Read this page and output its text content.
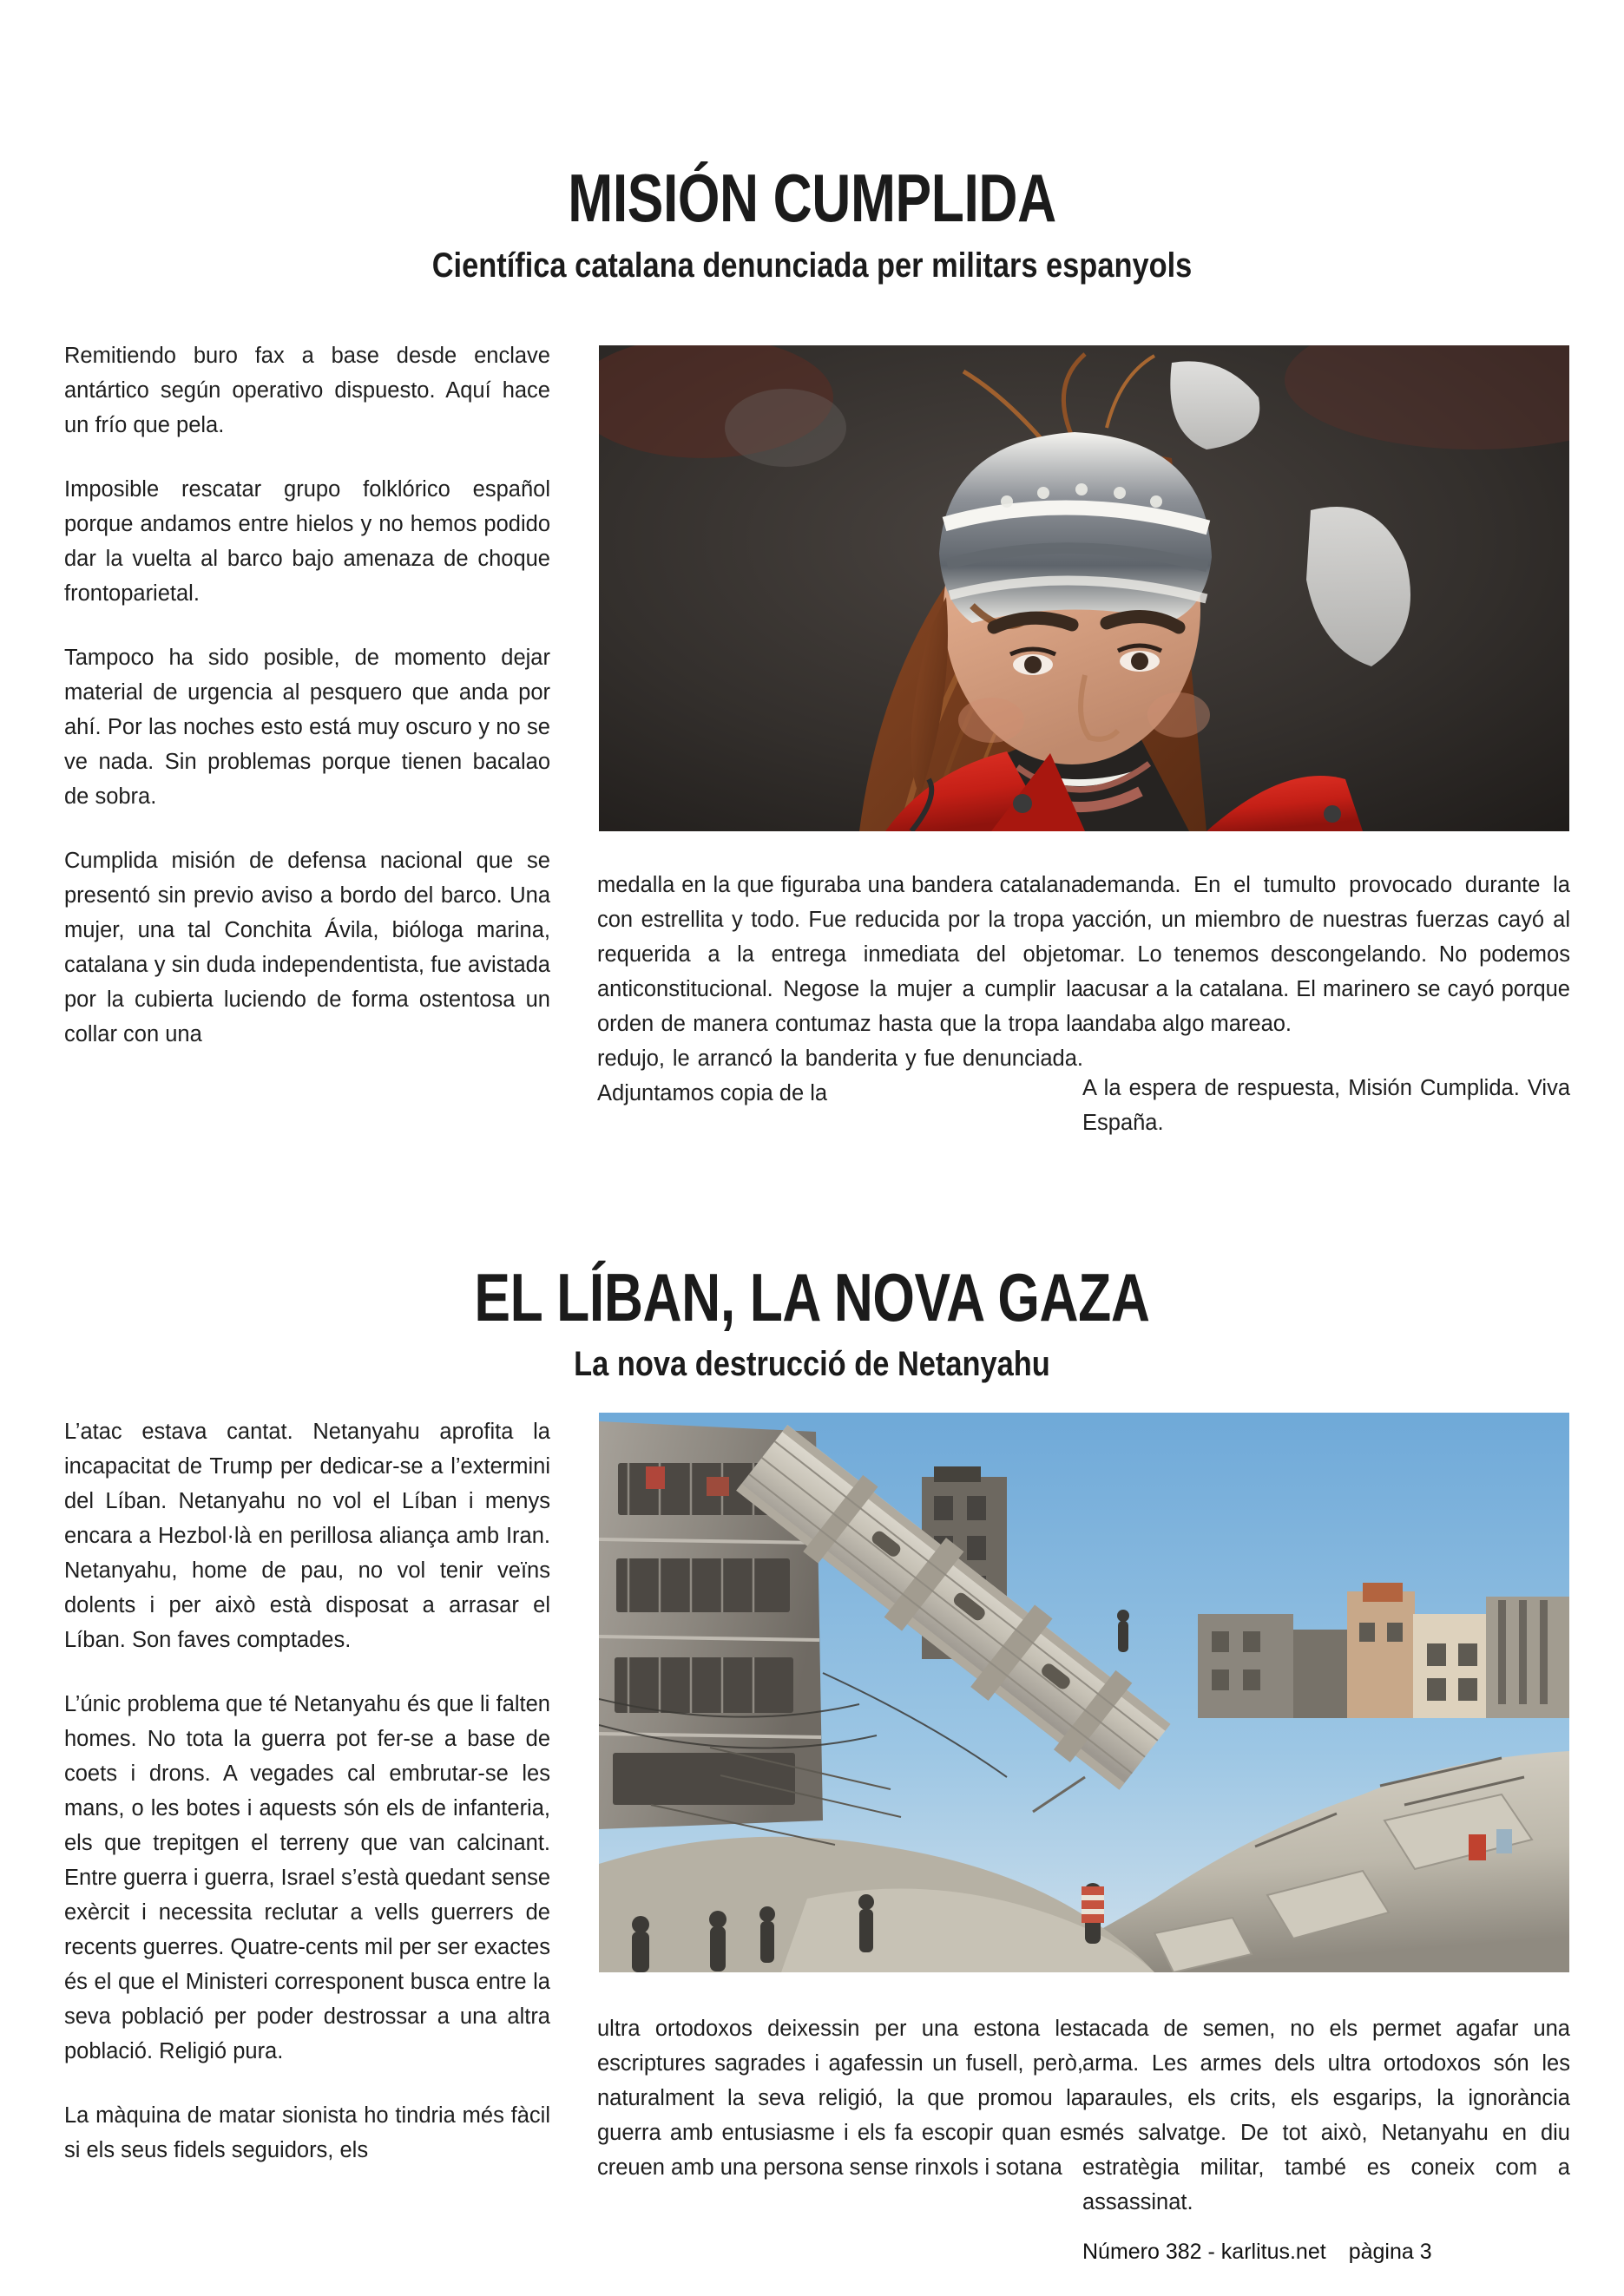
MISIÓN CUMPLIDA
Científica catalana denunciada per militars espanyols

Remitiendo buro fax a base desde enclave antártico según operativo dispuesto. Aquí hace un frío que pela.

Imposible rescatar grupo folklórico español porque andamos entre hielos y no hemos podido dar la vuelta al barco bajo amenaza de choque frontoparietal.

Tampoco ha sido posible, de momento dejar material de urgencia al pesquero que anda por ahí. Por las noches esto está muy oscuro y no se ve nada. Sin problemas porque tienen bacalao de sobra.

Cumplida misión de defensa nacional que se presentó sin previo aviso a bordo del barco. Una mujer, una tal Conchita Ávila, bióloga marina, catalana y sin duda independentista, fue avistada por la cubierta luciendo de forma ostentosa un collar con una

medalla en la que figuraba una bandera catalana con estrellita y todo. Fue reducida por la tropa y requerida a la entrega inmediata del objeto anticonstitucional. Negose la mujer a cumplir la orden de manera contumaz hasta que la tropa la redujo, le arrancó la banderita y fue denunciada. Adjuntamos copia de la

demanda. En el tumulto provocado durante la acción, un miembro de nuestras fuerzas cayó al mar. Lo tenemos descongelando. No podemos acusar a la catalana. El marinero se cayó porque andaba algo mareao.

A la espera de respuesta, Misión Cumplida. Viva España.

EL LÍBAN, LA NOVA GAZA
La nova destrucció de Netanyahu

L’atac estava cantat. Netanyahu aprofita la incapacitat de Trump per dedicar-se a l’extermini del Líban. Netanyahu no vol el Líban i menys encara a Hezbol·là en perillosa aliança amb Iran. Netanyahu, home de pau, no vol tenir veïns dolents i per això està disposat a arrasar el Líban. Son faves comptades.

L’únic problema que té Netanyahu és que li falten homes. No tota la guerra pot fer-se a base de coets i drons. A vegades cal embrutar-se les mans, o les botes i aquests són els de infanteria, els que trepitgen el terreny que van calcinant. Entre guerra i guerra, Israel s’està quedant sense exèrcit i necessita reclutar a vells guerrers de recents guerres. Quatre-cents mil per ser exactes és el que el Ministeri corresponent busca entre la seva població per poder destrossar a una altra població. Religió pura.

La màquina de matar sionista ho tindria més fàcil si els seus fidels seguidors, els

ultra ortodoxos deixessin per una estona les escriptures sagrades i agafessin un fusell, però, naturalment la seva religió, la que promou la guerra amb entusiasme i els fa escopir quan es creuen amb una persona sense rinxols i sotana

tacada de semen, no els permet agafar una arma. Les armes dels ultra ortodoxos són les paraules, els crits, els esgarips, la ignorància més salvatge. De tot això, Netanyahu en diu estratègia militar, també es coneix com a assassinat.

Número 382 - karlitus.net pàgina 3
